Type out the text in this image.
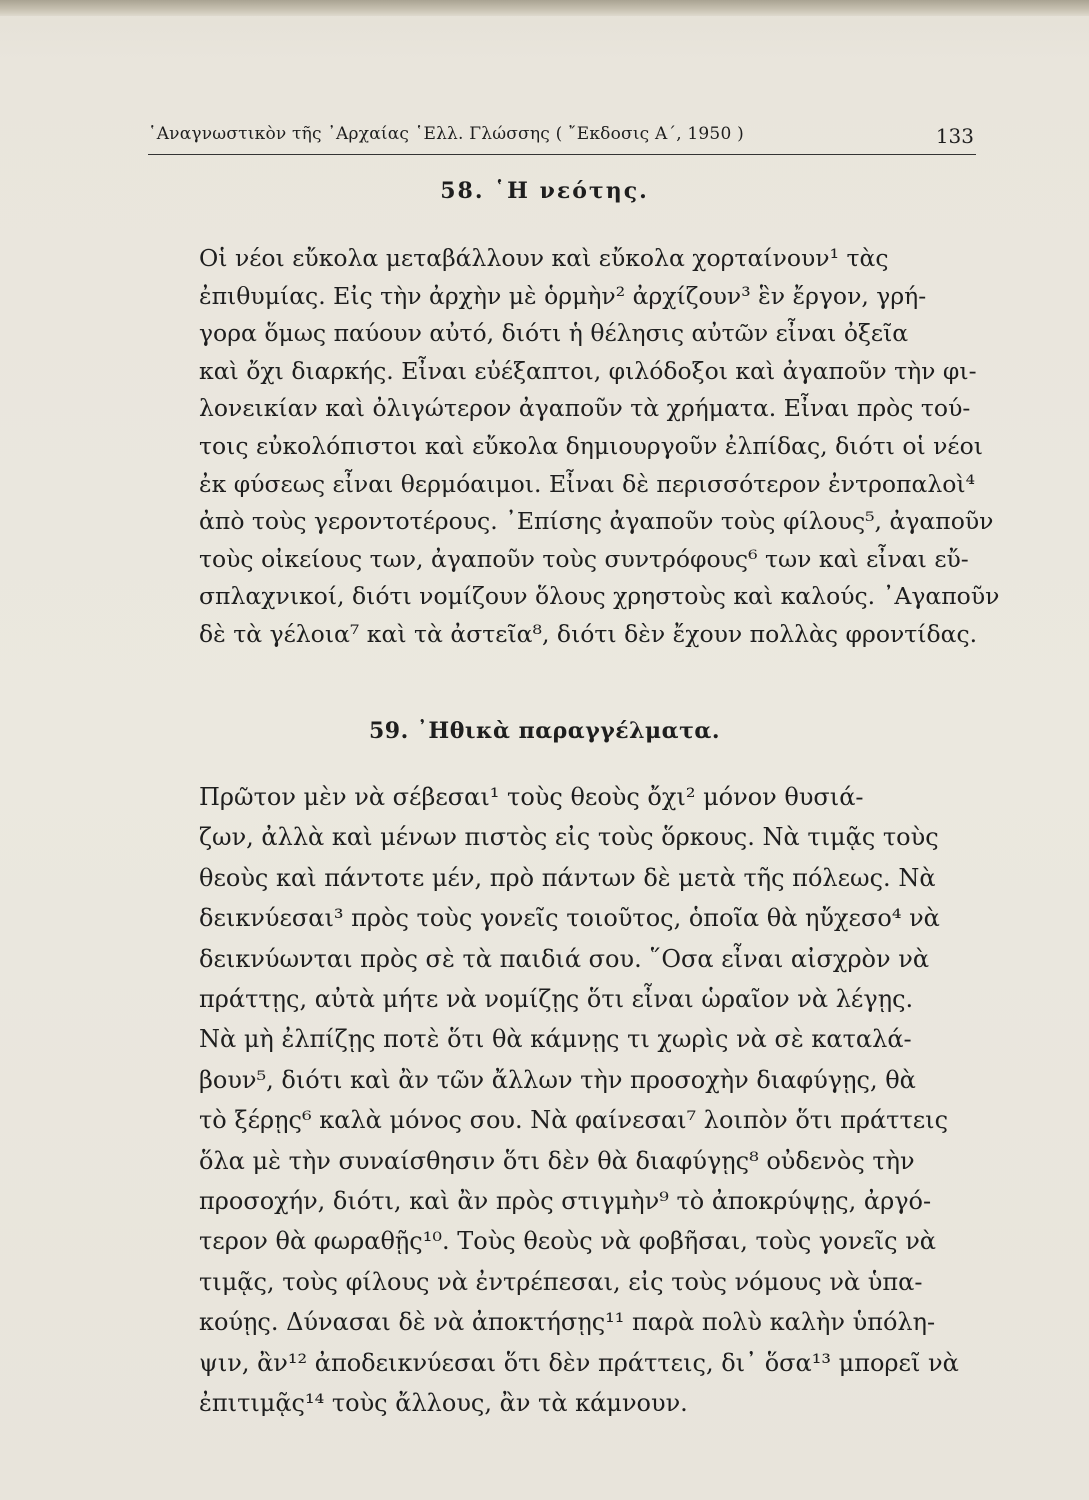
῾Αναγνωστικὸν τῆς ᾽Αρχαίας ῾Ελλ. Γλώσσης ( ῎Εκδοσις Α΄, 1950 )	133
58. ῾Η νεότης.
Οἱ νέοι εὔκολα μεταβάλλουν καὶ εὔκολα χορταίνουν¹ τὰς
ἐπιθυμίας. Εἰς τὴν ἀρχὴν μὲ ὁρμὴν² ἀρχίζουν³ ἓν ἔργον, γρή-
γορα ὅμως παύουν αὐτό, διότι ἡ θέλησις αὐτῶν εἶναι ὀξεῖα
καὶ ὄχι διαρκής. Εἶναι εὐέξαπτοι, φιλόδοξοι καὶ ἀγαποῦν τὴν φι-
λονεικίαν καὶ ὀλιγώτερον ἀγαποῦν τὰ χρήματα. Εἶναι πρὸς τού-
τοις εὐκολόπιστοι καὶ εὔκολα δημιουργοῦν ἐλπίδας, διότι οἱ νέοι
ἐκ φύσεως εἶναι θερμόαιμοι. Εἶναι δὲ περισσότερον ἐντροπαλοὶ⁴
ἀπὸ τοὺς γεροντοτέρους. ᾽Επίσης ἀγαποῦν τοὺς φίλους⁵, ἀγαποῦν
τοὺς οἰκείους των, ἀγαποῦν τοὺς συντρόφους⁶ των καὶ εἶναι εὔ-
σπλαχνικοί, διότι νομίζουν ὅλους χρηστοὺς καὶ καλούς. ᾽Αγαποῦν
δὲ τὰ γέλοια⁷ καὶ τὰ ἀστεῖα⁸, διότι δὲν ἔχουν πολλὰς φροντίδας.
59. ᾽Ηθικὰ παραγγέλματα.
Πρῶτον μὲν νὰ σέβεσαι¹ τοὺς θεοὺς ὄχι² μόνον θυσιά-
ζων, ἀλλὰ καὶ μένων πιστὸς εἰς τοὺς ὅρκους. Νὰ τιμᾷς τοὺς
θεοὺς καὶ πάντοτε μέν, πρὸ πάντων δὲ μετὰ τῆς πόλεως. Νὰ
δεικνύεσαι³ πρὸς τοὺς γονεῖς τοιοῦτος, ὁποῖα θὰ ηὔχεσο⁴ νὰ
δεικνύωνται πρὸς σὲ τὰ παιδιά σου. ῞Οσα εἶναι αἰσχρὸν νὰ
πράττῃς, αὐτὰ μήτε νὰ νομίζῃς ὅτι εἶναι ὡραῖον νὰ λέγῃς.
Νὰ μὴ ἐλπίζῃς ποτὲ ὅτι θὰ κάμνῃς τι χωρὶς νὰ σὲ καταλά-
βουν⁵, διότι καὶ ἂν τῶν ἄλλων τὴν προσοχὴν διαφύγῃς, θὰ
τὸ ξέρῃς⁶ καλὰ μόνος σου. Νὰ φαίνεσαι⁷ λοιπὸν ὅτι πράττεις
ὅλα μὲ τὴν συναίσθησιν ὅτι δὲν θὰ διαφύγῃς⁸ οὐδενὸς τὴν
προσοχήν, διότι, καὶ ἂν πρὸς στιγμὴν⁹ τὸ ἀποκρύψῃς, ἀργό-
τερον θὰ φωραθῇς¹⁰. Τοὺς θεοὺς νὰ φοβῆσαι, τοὺς γονεῖς νὰ
τιμᾷς, τοὺς φίλους νὰ ἐντρέπεσαι, εἰς τοὺς νόμους νὰ ὑπα-
κούῃς. Δύνασαι δὲ νὰ ἀποκτήσῃς¹¹ παρὰ πολὺ καλὴν ὑπόλη-
ψιν, ἂν¹² ἀποδεικνύεσαι ὅτι δὲν πράττεις, δι᾽ ὅσα¹³ μπορεῖ νὰ
ἐπιτιμᾷς¹⁴ τοὺς ἄλλους, ἂν τὰ κάμνουν.
